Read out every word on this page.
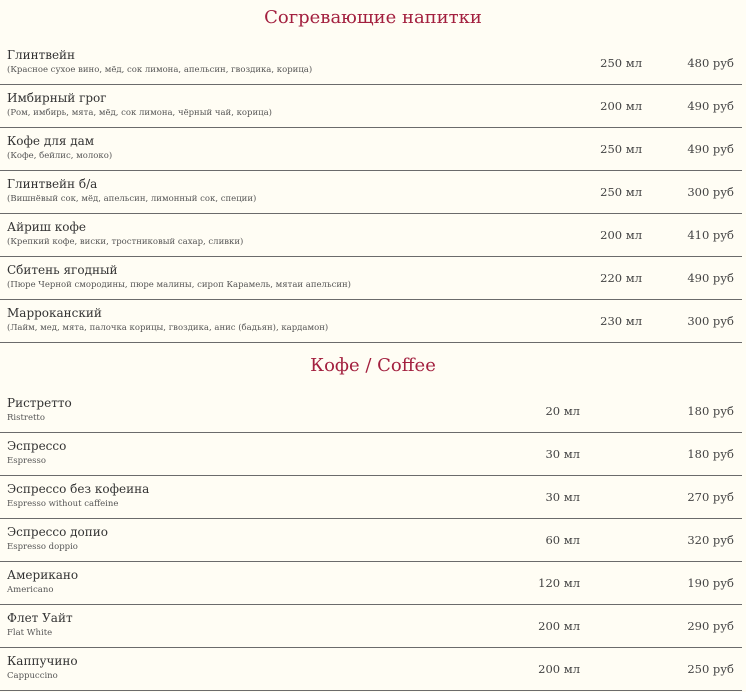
Согревающие напитки
Глинтвейн
(Красное сухое вино, мёд, сок лимона, апельсин, гвоздика, корица)	250 мл	480 руб
Имбирный грог
(Ром, имбирь, мята, мёд, сок лимона, чёрный чай, корица)	200 мл	490 руб
Кофе для дам
(Кофе, бейлис, молоко)	250 мл	490 руб
Глинтвейн б/а
(Вишнёвый сок, мёд, апельсин, лимонный сок, специи)	250 мл	300 руб
Айриш кофе
(Крепкий кофе, виски, тростниковый сахар, сливки)	200 мл	410 руб
Сбитень ягодный
(Пюре Черной смородины, пюре малины, сироп Карамель, мятаи апельсин)	220 мл	490 руб
Марроканский
(Лайм, мед, мята, палочка корицы, гвоздика, анис (бадьян), кардамон)	230 мл	300 руб
Кофе / Coffee
Ристретто
Ristretto	20 мл	180 руб
Эспрессо
Espresso	30 мл	180 руб
Эспрессо без кофеина
Espresso without caffeine	30 мл	270 руб
Эспрессо допио
Espresso doppio	60 мл	320 руб
Американо
Americano	120 мл	190 руб
Флет Уайт
Flat White	200 мл	290 руб
Каппучино
Cappuccino	200 мл	250 руб
